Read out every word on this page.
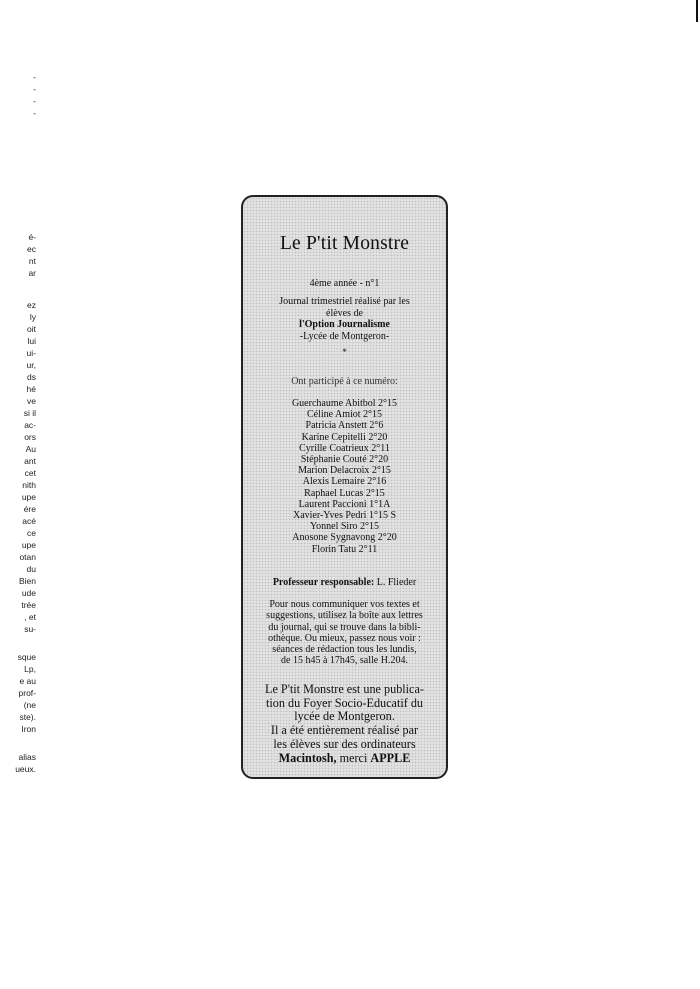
-
-
-
-
é-
ec
nt
ar
ez
ly
oit
lui
ui-
ur,
ds
hé
ve
si il
ac-
ors
Au
ant
cet
nith
upe
ére
acé
ce
upe
otan
du
Bien
ude
trée
, et
su-
sque
Lp,
e au
prof-
(ne
ste).
Iron
alias
ueux.
Le P'tit Monstre
4ème année - n°1
Journal trimestriel réalisé par les
élèves de
l'Option Journalisme
-Lycée de Montgeron-
*
Ont participé à ce numéro:
Guerchaume Abitbol 2°15
Céline Amiot 2°15
Patricia Anstett 2°6
Karine Cepitelli 2°20
Cyrille Coatrieux 2°11
Stéphanie Couté 2°20
Marion Delacroix 2°15
Alexis Lemaire 2°16
Raphael Lucas 2°15
Laurent Paccioni 1°1A
Xavier-Yves Pedri 1°15 S
Yonnel Siro 2°15
Anosone Sygnavong 2°20
Florin Tatu 2°11
Professeur responsable: L. Flieder
Pour nous communiquer vos textes et
suggestions, utilisez la boîte aux lettres
du journal, qui se trouve dans la bibli-
othèque. Ou mieux, passez nous voir :
séances de rédaction tous les lundis,
de 15 h45 à 17h45, salle H.204.
Le P'tit Monstre est une publica-
tion du Foyer Socio-Educatif du
lycée de Montgeron.
Il a été entièrement réalisé par
les élèves sur des ordinateurs
Macintosh, merci APPLE
